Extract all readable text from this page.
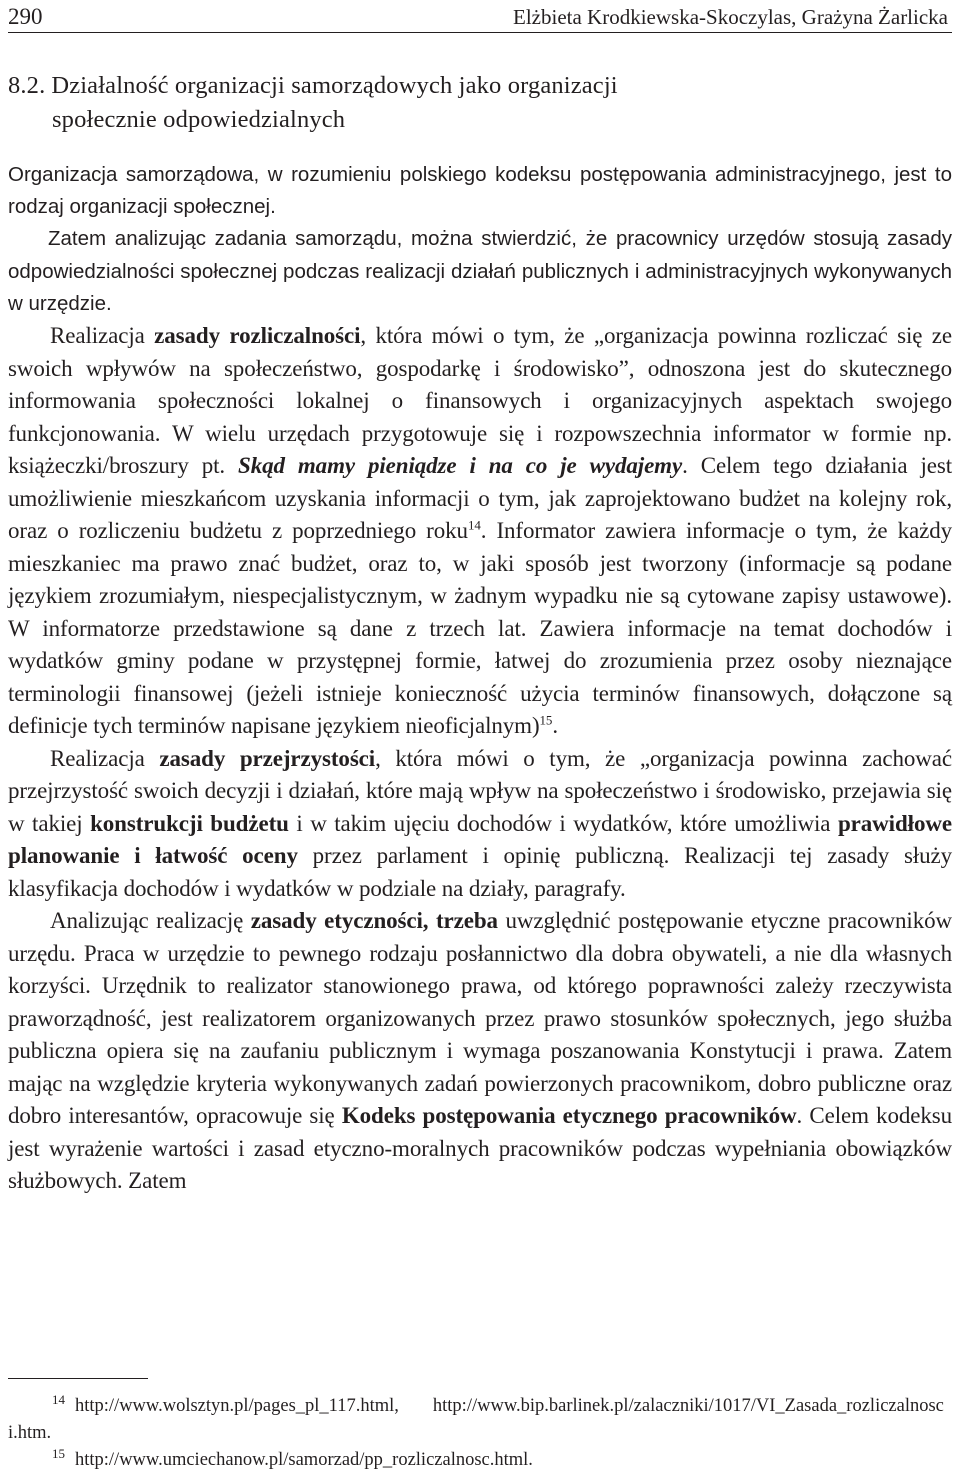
290	Elżbieta Krodkiewska-Skoczylas, Grażyna Żarlicka
8.2. Działalność organizacji samorządowych jako organizacji
społecznie odpowiedzialnych

Organizacja samorządowa, w rozumieniu polskiego kodeksu postępowania administracyjnego, jest to rodzaj organizacji społecznej.

Zatem analizując zadania samorządu, można stwierdzić, że pracownicy urzędów stosują zasady odpowiedzialności społecznej podczas realizacji działań publicznych i administracyjnych wykonywanych w urzędzie.

Realizacja zasady rozliczalności, która mówi o tym, że „organizacja powinna rozliczać się ze swoich wpływów na społeczeństwo, gospodarkę i środowisko”, odnoszona jest do skutecznego informowania społeczności lokalnej o finansowych i organizacyjnych aspektach swojego funkcjonowania. W wielu urzędach przygotowuje się i rozpowszechnia informator w formie np. książeczki/broszury pt. Skąd mamy pieniądze i na co je wydajemy. Celem tego działania jest umożliwienie mieszkańcom uzyskania informacji o tym, jak zaprojektowano budżet na kolejny rok, oraz o rozliczeniu budżetu z poprzedniego roku$^{14}$. Informator zawiera informacje o tym, że każdy mieszkaniec ma prawo znać budżet, oraz to, w jaki sposób jest tworzony (informacje są podane językiem zrozumiałym, niespecjalistycznym, w żadnym wypadku nie są cytowane zapisy ustawowe). W informatorze przedstawione są dane z trzech lat. Zawiera informacje na temat dochodów i wydatków gminy podane w przystępnej formie, łatwej do zrozumienia przez osoby nieznające terminologii finansowej (jeżeli istnieje konieczność użycia terminów finansowych, dołączone są definicje tych terminów napisane językiem nieoficjalnym)$^{15}$.

Realizacja zasady przejrzystości, która mówi o tym, że „organizacja powinna zachować przejrzystość swoich decyzji i działań, które mają wpływ na społeczeństwo i środowisko, przejawia się w takiej konstrukcji budżetu i w takim ujęciu dochodów i wydatków, które umożliwia prawidłowe planowanie i łatwość oceny przez parlament i opinię publiczną. Realizacji tej zasady służy klasyfikacja dochodów i wydatków w podziale na działy, paragrafy.

Analizując realizację zasady etyczności, trzeba uwzględnić postępowanie etyczne pracowników urzędu. Praca w urzędzie to pewnego rodzaju posłannictwo dla dobra obywateli, a nie dla własnych korzyści. Urzędnik to realizator stanowionego prawa, od którego poprawności zależy rzeczywista praworządność, jest realizatorem organizowanych przez prawo stosunków społecznych, jego służba publiczna opiera się na zaufaniu publicznym i wymaga poszanowania Konstytucji i prawa. Zatem mając na względzie kryteria wykonywanych zadań powierzonych pracownikom, dobro publiczne oraz dobro interesantów, opracowuje się Kodeks postępowania etycznego pracowników. Celem kodeksu jest wyrażenie wartości i zasad etyczno-moralnych pracowników podczas wypełniania obowiązków służbowych. Zatem

$^{14}$ http://www.wolsztyn.pl/pages_pl_117.html, http://www.bip.barlinek.pl/zalaczniki/1017/VI_Zasada_rozliczalnosci.htm.

$^{15}$ http://www.umciechanow.pl/samorzad/pp_rozliczalnosc.html.
